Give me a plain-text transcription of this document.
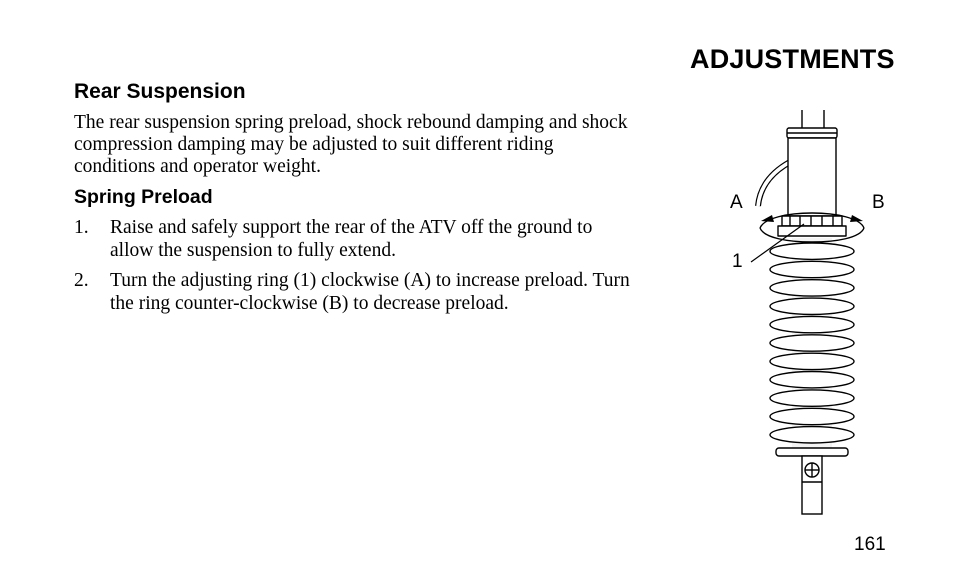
ADJUSTMENTS
Rear Suspension

The rear suspension spring preload, shock rebound damping and shock compression damping may be adjusted to suit different riding conditions and operator weight.

Spring Preload
1.	Raise and safely support the rear of the ATV off the ground to allow the suspension to fully extend.
2.	Turn the adjusting ring (1) clockwise (A) to increase preload. Turn the ring counter-clockwise (B) to decrease preload.
A	B
1
161
